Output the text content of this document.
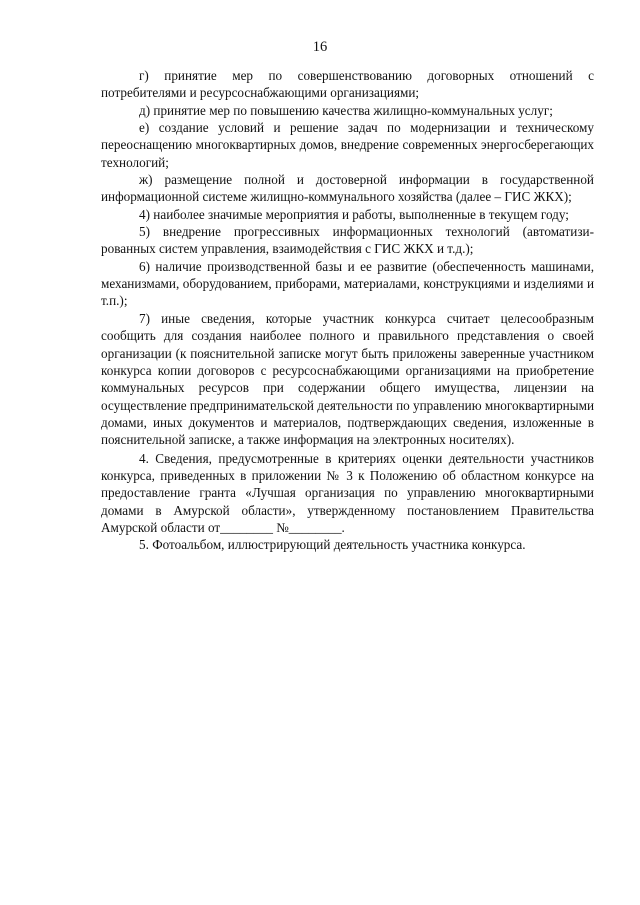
16

г) принятие мер по совершенствованию договорных отношений с потребителями и ресурсоснабжающими организациями;

д) принятие мер по повышению качества жилищно-коммунальных услуг;

е) создание условий и решение задач по модернизации и техническому переоснащению многоквартирных домов, внедрение современных энергосберегающих технологий;

ж) размещение полной и достоверной информации в государственной информационной системе жилищно-коммунального хозяйства (далее – ГИС ЖКХ);

4) наиболее значимые мероприятия и работы, выполненные в текущем году;

5) внедрение прогрессивных информационных технологий (автоматизированных систем управления, взаимодействия с ГИС ЖКХ и т.д.);

6) наличие производственной базы и ее развитие (обеспеченность машинами, механизмами, оборудованием, приборами, материалами, конструкциями и изделиями и т.п.);

7) иные сведения, которые участник конкурса считает целесообразным сообщить для создания наиболее полного и правильного представления о своей организации (к пояснительной записке могут быть приложены заверенные участником конкурса копии договоров с ресурсоснабжающими организациями на приобретение коммунальных ресурсов при содержании общего имущества, лицензии на осуществление предпринимательской деятельности по управлению многоквартирными домами, иных документов и материалов, подтверждающих сведения, изложенные в пояснительной записке, а также информация на электронных носителях).

4. Сведения, предусмотренные в критериях оценки деятельности участников конкурса, приведенных в приложении № 3 к Положению об областном конкурсе на предоставление гранта «Лучшая организация по управлению многоквартирными домами в Амурской области», утвержденному постановлением Правительства Амурской области от________ №________.

5. Фотоальбом, иллюстрирующий деятельность участника конкурса.
